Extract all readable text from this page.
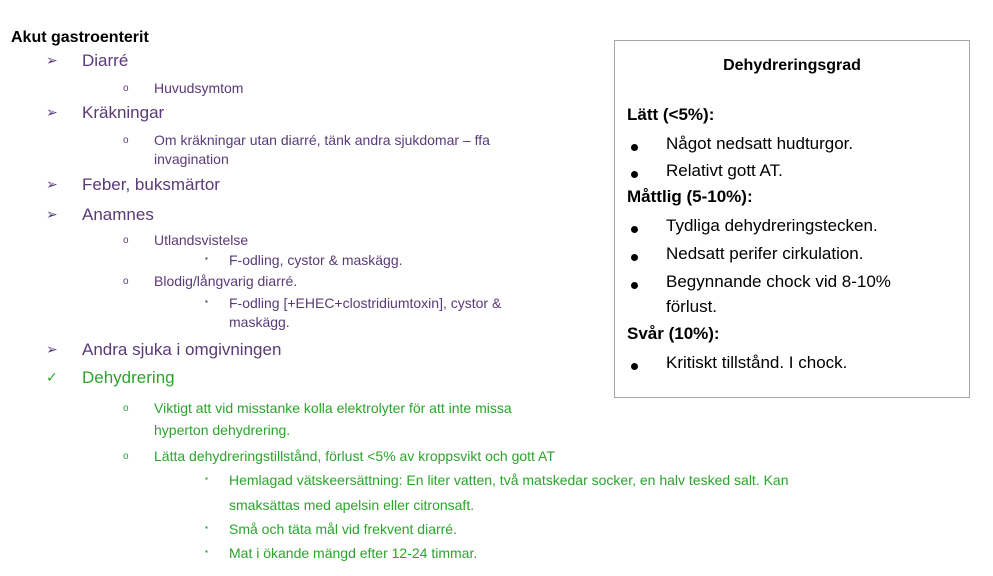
Akut gastroenterit
➢ Diarré
o Huvudsymtom
➢ Kräkningar
o Om kräkningar utan diarré, tänk andra sjukdomar – ffa
invagination
➢ Feber, buksmärtor
➢ Anamnes
o Utlandsvistelse
▪ F-odling, cystor & maskägg.
o Blodig/långvarig diarré.
▪ F-odling [+EHEC+clostridiumtoxin], cystor &
maskägg.
➢ Andra sjuka i omgivningen
✓ Dehydrering
o Viktigt att vid misstanke kolla elektrolyter för att inte missa
hyperton dehydrering.
o Lätta dehydreringstillstånd, förlust <5% av kroppsvikt och gott AT
▪ Hemlagad vätskeersättning: En liter vatten, två matskedar socker, en halv tesked salt. Kan
smaksättas med apelsin eller citronsaft.
▪ Små och täta mål vid frekvent diarré.
▪ Mat i ökande mängd efter 12-24 timmar.
Dehydreringsgrad
Lätt (<5%):
Något nedsatt hudturgor.
Relativt gott AT.
Måttlig (5-10%):
Tydliga dehydreringstecken.
Nedsatt perifer cirkulation.
Begynnande chock vid 8-10%
förlust.
Svår (10%):
Kritiskt tillstånd. I chock.
